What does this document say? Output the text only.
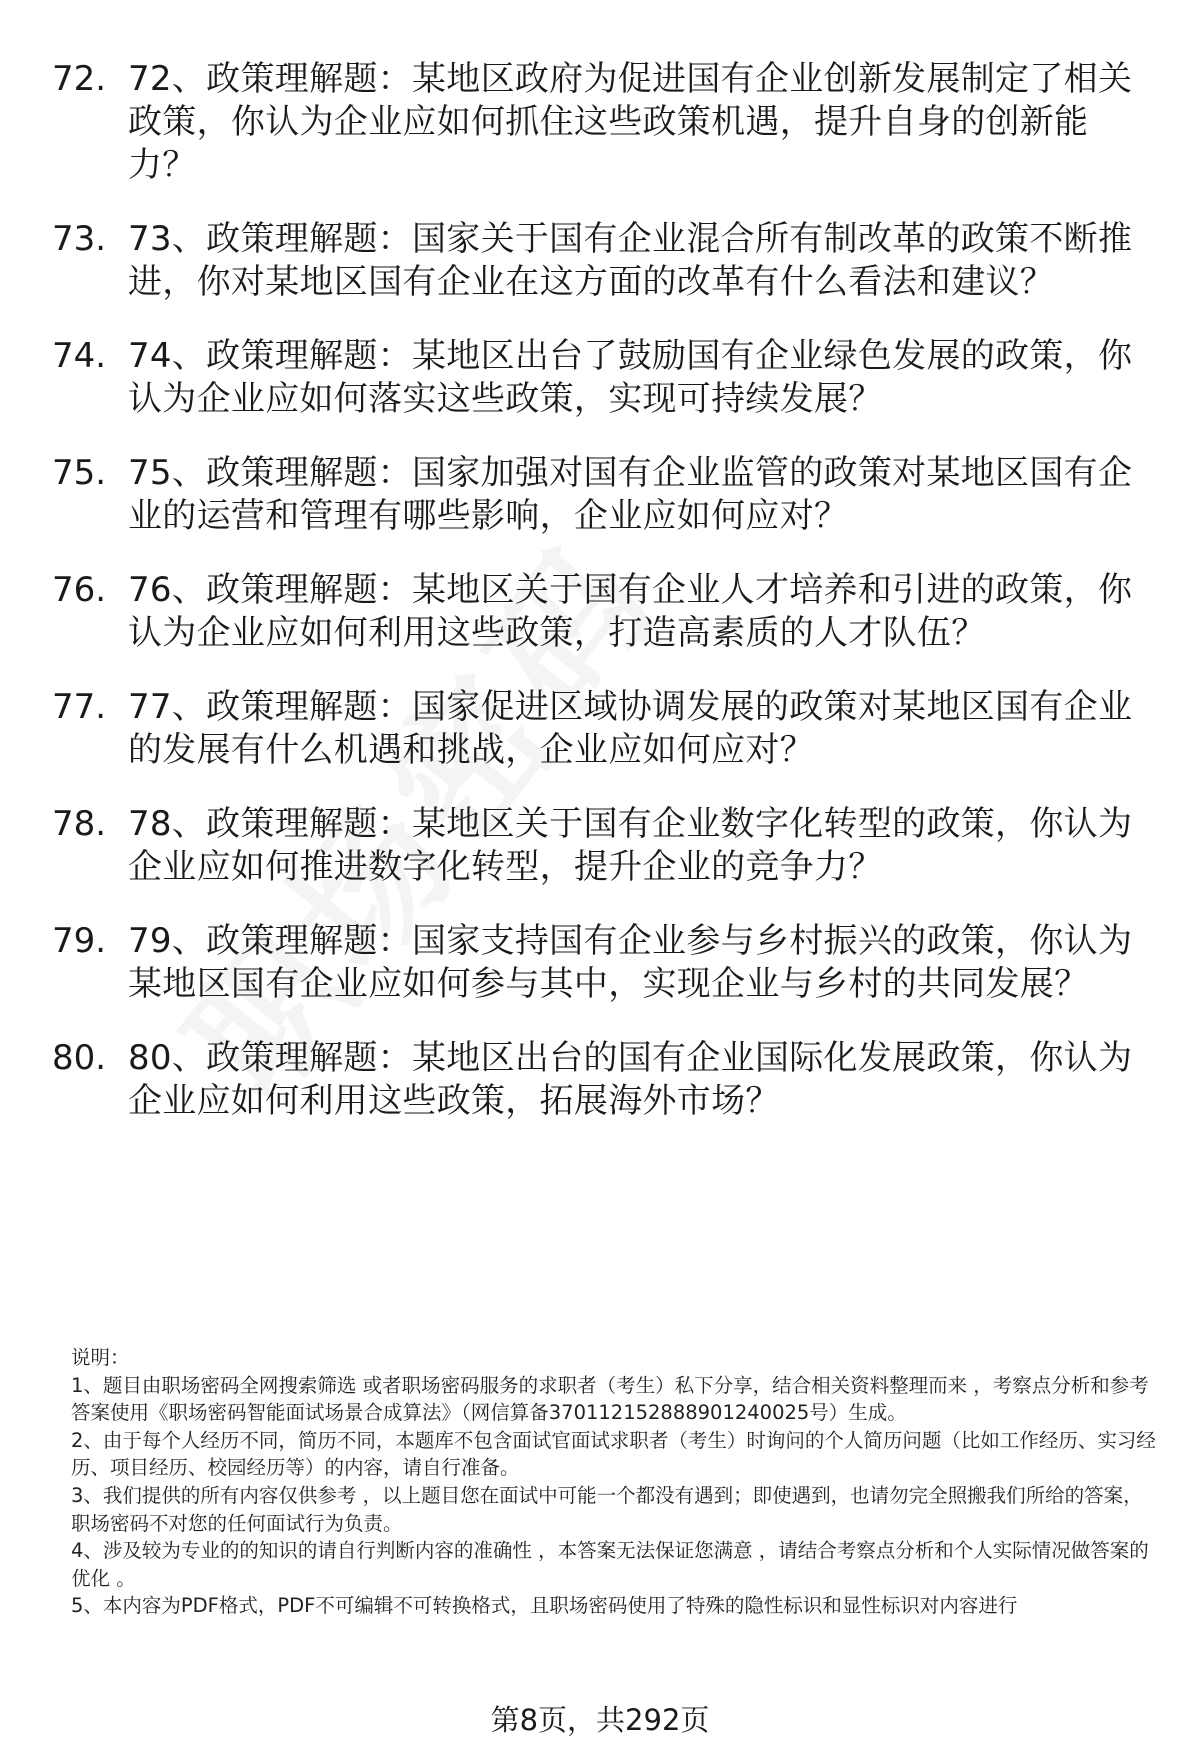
72. 72、政策理解题：某地区政府为促进国有企业创新发展制定了相关政策，你认为企业应如何抓住这些政策机遇，提升自身的创新能力？
73. 73、政策理解题：国家关于国有企业混合所有制改革的政策不断推进，你对某地区国有企业在这方面的改革有什么看法和建议？
74. 74、政策理解题：某地区出台了鼓励国有企业绿色发展的政策，你认为企业应如何落实这些政策，实现可持续发展？
75. 75、政策理解题：国家加强对国有企业监管的政策对某地区国有企业的运营和管理有哪些影响，企业应如何应对？
76. 76、政策理解题：某地区关于国有企业人才培养和引进的政策，你认为企业应如何利用这些政策，打造高素质的人才队伍？
77. 77、政策理解题：国家促进区域协调发展的政策对某地区国有企业的发展有什么机遇和挑战，企业应如何应对？
78. 78、政策理解题：某地区关于国有企业数字化转型的政策，你认为企业应如何推进数字化转型，提升企业的竞争力？
79. 79、政策理解题：国家支持国有企业参与乡村振兴的政策，你认为某地区国有企业应如何参与其中，实现企业与乡村的共同发展？
80. 80、政策理解题：某地区出台的国有企业国际化发展政策，你认为企业应如何利用这些政策，拓展海外市场？

说明：

1、题目由职场密码全网搜索筛选 或者职场密码服务的求职者（考生）私下分享，结合相关资料整理而来 ，考察点分析和参考答案使用《职场密码智能面试场景合成算法》（网信算备370112152888901240025号）生成。

2、由于每个人经历不同，简历不同，本题库不包含面试官面试求职者（考生）时询问的个人简历问题（比如工作经历、实习经历、项目经历、校园经历等）的内容，请自行准备。

3、我们提供的所有内容仅供参考 ，以上题目您在面试中可能一个都没有遇到；即使遇到，也请勿完全照搬我们所给的答案，职场密码不对您的任何面试行为负责。

4、涉及较为专业的的知识的请自行判断内容的准确性 ，本答案无法保证您满意 ，请结合考察点分析和个人实际情况做答案的优化 。

5、本内容为PDF格式，PDF不可编辑不可转换格式，且职场密码使用了特殊的隐性标识和显性标识对内容进行

第8页，共292页
